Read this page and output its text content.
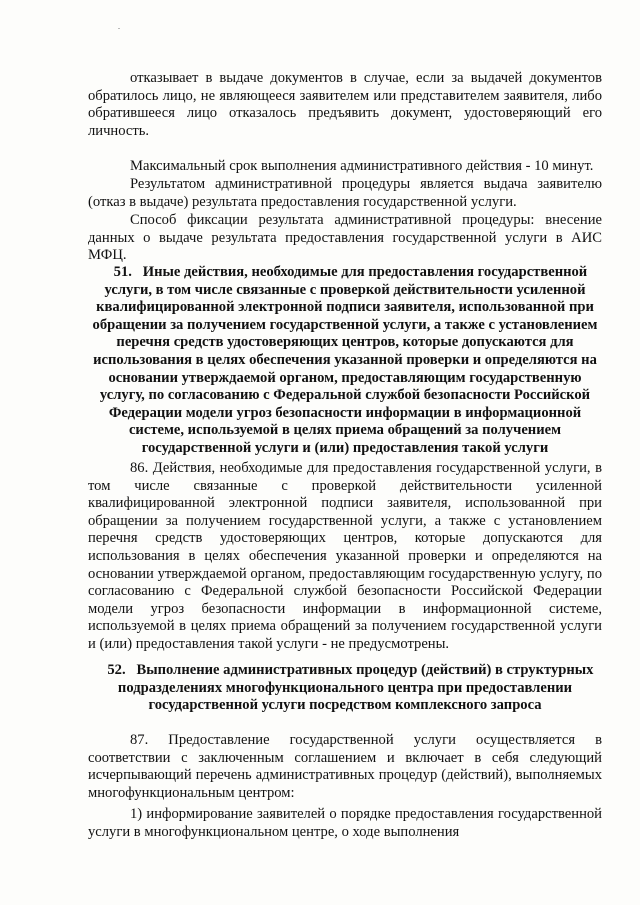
отказывает в выдаче документов в случае, если за выдачей документов обратилось лицо, не являющееся заявителем или представителем заявителя, либо обратившееся лицо отказалось предъявить документ, удостоверяющий его личность.

Максимальный срок выполнения административного действия - 10 минут.

Результатом административной процедуры является выдача заявителю (отказ в выдаче) результата предоставления государственной услуги.

Способ фиксации результата административной процедуры: внесение данных о выдаче результата предоставления государственной услуги в АИС МФЦ.

51. Иные действия, необходимые для предоставления государственной услуги, в том числе связанные с проверкой действительности усиленной квалифицированной электронной подписи заявителя, использованной при обращении за получением государственной услуги, а также с установлением перечня средств удостоверяющих центров, которые допускаются для использования в целях обеспечения указанной проверки и определяются на основании утверждаемой органом, предоставляющим государственную услугу, по согласованию с Федеральной службой безопасности Российской Федерации модели угроз безопасности информации в информационной системе, используемой в целях приема обращений за получением государственной услуги и (или) предоставления такой услуги

86. Действия, необходимые для предоставления государственной услуги, в том числе связанные с проверкой действительности усиленной квалифицированной электронной подписи заявителя, использованной при обращении за получением государственной услуги, а также с установлением перечня средств удостоверяющих центров, которые допускаются для использования в целях обеспечения указанной проверки и определяются на основании утверждаемой органом, предоставляющим государственную услугу, по согласованию с Федеральной службой безопасности Российской Федерации модели угроз безопасности информации в информационной системе, используемой в целях приема обращений за получением государственной услуги и (или) предоставления такой услуги - не предусмотрены.

52. Выполнение административных процедур (действий) в структурных подразделениях многофункционального центра при предоставлении государственной услуги посредством комплексного запроса

87. Предоставление государственной услуги осуществляется в соответствии с заключенным соглашением и включает в себя следующий исчерпывающий перечень административных процедур (действий), выполняемых многофункциональным центром:

1) информирование заявителей о порядке предоставления государственной услуги в многофункциональном центре, о ходе выполнения
